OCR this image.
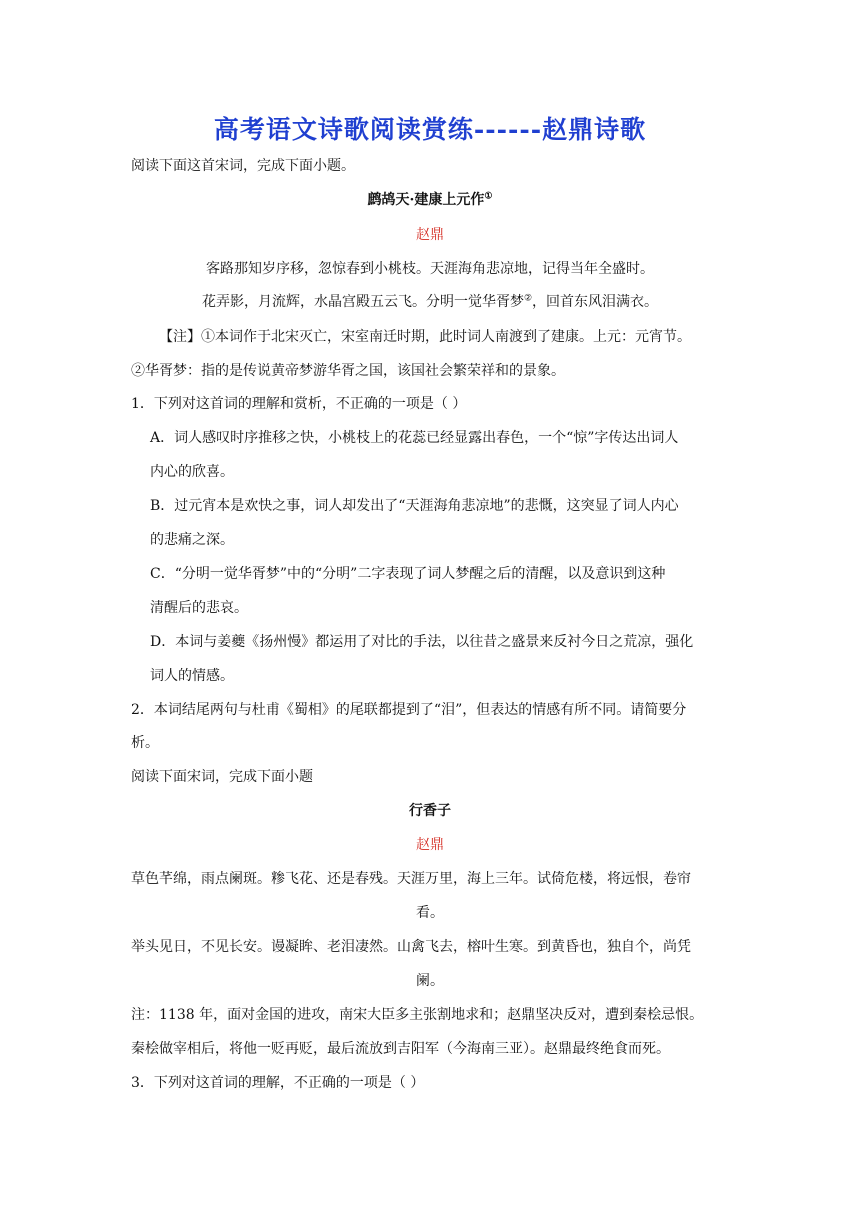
高考语文诗歌阅读赏练------赵鼎诗歌
阅读下面这首宋词，完成下面小题。
鹧鸪天·建康上元作①
赵鼎
客路那知岁序移，忽惊春到小桃枝。天涯海角悲凉地，记得当年全盛时。
花弄影，月流辉，水晶宫殿五云飞。分明一觉华胥梦②，回首东风泪满衣。
【注】①本词作于北宋灭亡，宋室南迁时期，此时词人南渡到了建康。上元：元宵节。
②华胥梦：指的是传说黄帝梦游华胥之国，该国社会繁荣祥和的景象。
1．下列对这首词的理解和赏析，不正确的一项是（ ）
A．词人感叹时序推移之快，小桃枝上的花蕊已经显露出春色，一个“惊”字传达出词人
内心的欣喜。
B．过元宵本是欢快之事，词人却发出了“天涯海角悲凉地”的悲慨，这突显了词人内心
的悲痛之深。
C．“分明一觉华胥梦”中的“分明”二字表现了词人梦醒之后的清醒，以及意识到这种
清醒后的悲哀。
D．本词与姜夔《扬州慢》都运用了对比的手法，以往昔之盛景来反衬今日之荒凉，强化
词人的情感。
2．本词结尾两句与杜甫《蜀相》的尾联都提到了“泪”，但表达的情感有所不同。请简要分
析。
阅读下面宋词，完成下面小题
行香子
赵鼎
草色芊绵，雨点阑斑。糁飞花、还是春残。天涯万里，海上三年。试倚危楼，将远恨，卷帘
看。
举头见日，不见长安。谩凝眸、老泪凄然。山禽飞去，榕叶生寒。到黄昏也，独自个，尚凭
阑。
注：1138 年，面对金国的进攻，南宋大臣多主张割地求和；赵鼎坚决反对，遭到秦桧忌恨。
秦桧做宰相后，将他一贬再贬，最后流放到吉阳军（今海南三亚）。赵鼎最终绝食而死。
3．下列对这首词的理解，不正确的一项是（ ）
